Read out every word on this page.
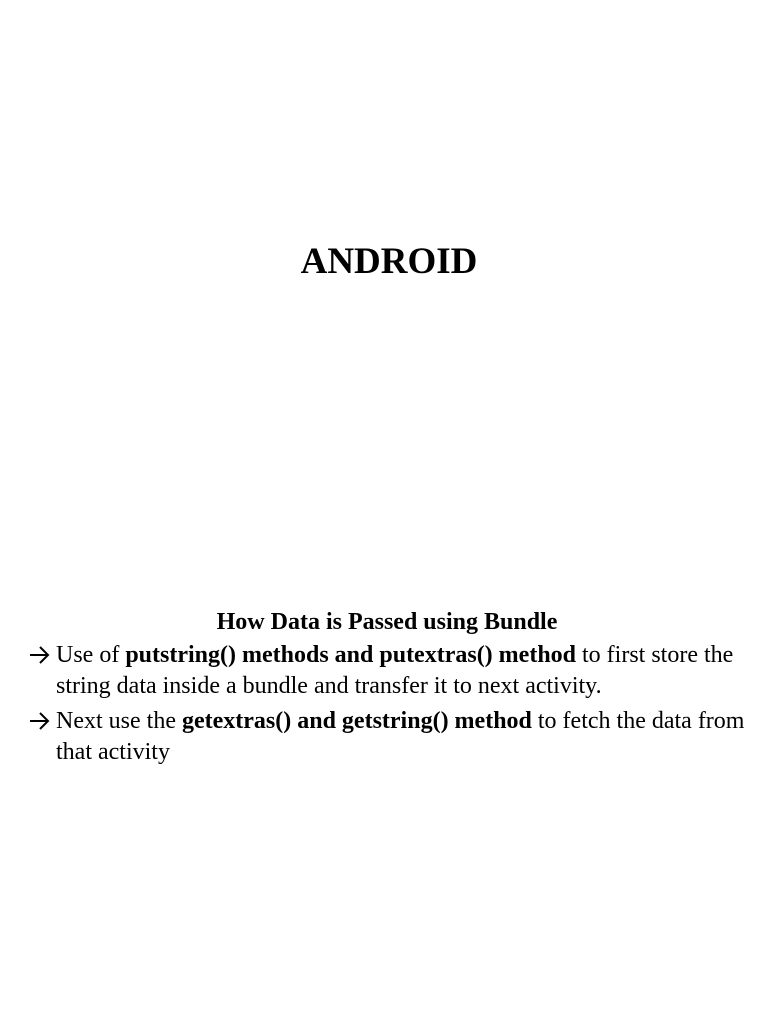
ANDROID
How Data is Passed using Bundle
Use of putstring() methods and putextras() method to first store the string data inside a bundle and transfer it to next activity.
Next use the getextras() and getstring() method to fetch the data from that activity
